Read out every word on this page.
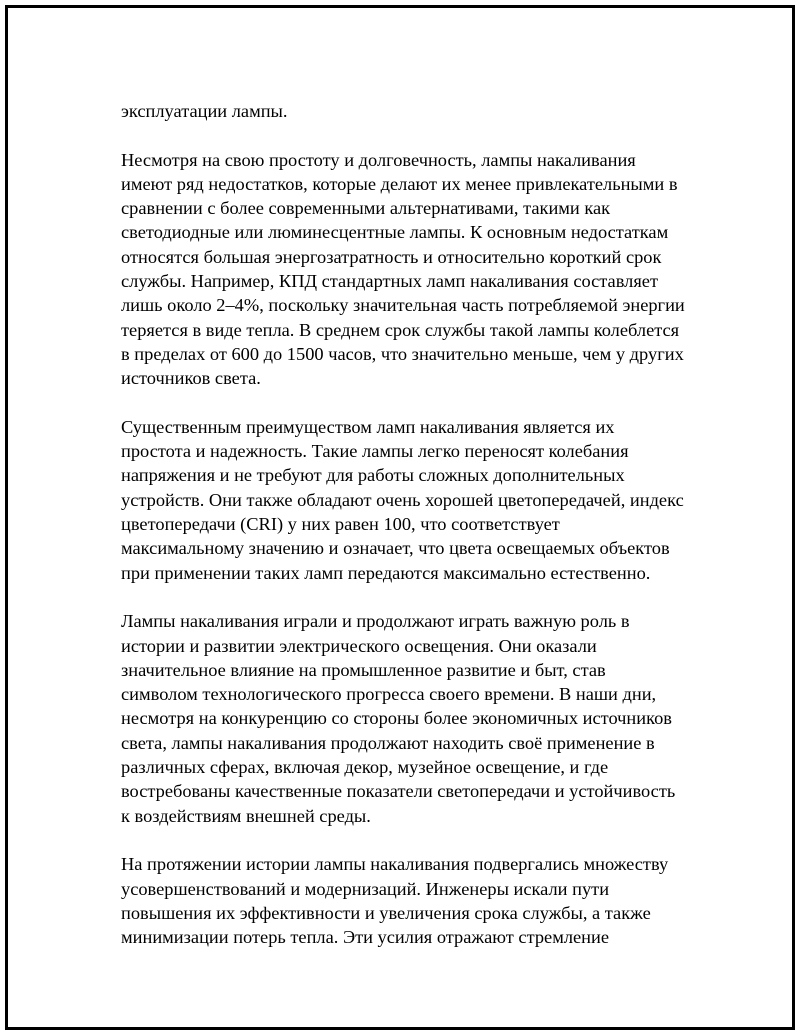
эксплуатации лампы.

Несмотря на свою простоту и долговечность, лампы накаливания
имеют ряд недостатков, которые делают их менее привлекательными в
сравнении с более современными альтернативами, такими как
светодиодные или люминесцентные лампы. К основным недостаткам
относятся большая энергозатратность и относительно короткий срок
службы. Например, КПД стандартных ламп накаливания составляет
лишь около 2–4%, поскольку значительная часть потребляемой энергии
теряется в виде тепла. В среднем срок службы такой лампы колеблется
в пределах от 600 до 1500 часов, что значительно меньше, чем у других
источников света.

Существенным преимуществом ламп накаливания является их
простота и надежность. Такие лампы легко переносят колебания
напряжения и не требуют для работы сложных дополнительных
устройств. Они также обладают очень хорошей цветопередачей, индекс
цветопередачи (CRI) у них равен 100, что соответствует
максимальному значению и означает, что цвета освещаемых объектов
при применении таких ламп передаются максимально естественно.

Лампы накаливания играли и продолжают играть важную роль в
истории и развитии электрического освещения. Они оказали
значительное влияние на промышленное развитие и быт, став
символом технологического прогресса своего времени. В наши дни,
несмотря на конкуренцию со стороны более экономичных источников
света, лампы накаливания продолжают находить своё применение в
различных сферах, включая декор, музейное освещение, и где
востребованы качественные показатели светопередачи и устойчивость
к воздействиям внешней среды.

На протяжении истории лампы накаливания подвергались множеству
усовершенствований и модернизаций. Инженеры искали пути
повышения их эффективности и увеличения срока службы, а также
минимизации потерь тепла. Эти усилия отражают стремление
